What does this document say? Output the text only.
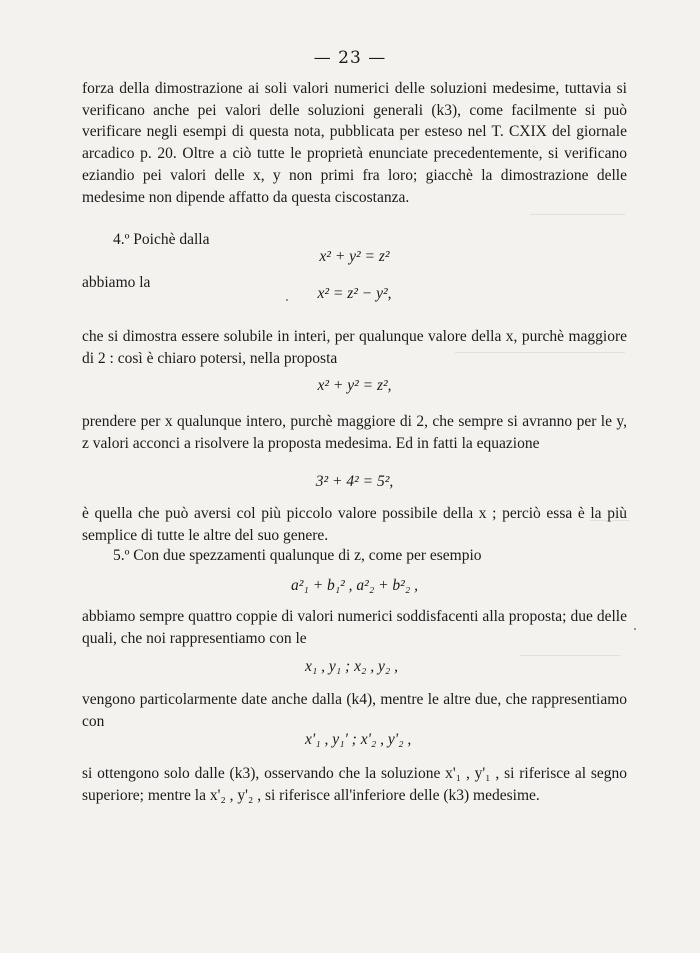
— 23 —
forza della dimostrazione ai soli valori numerici delle soluzioni medesime, tuttavia si verificano anche pei valori delle soluzioni generali (k3), come facilmente si può verificare negli esempi di questa nota, pubblicata per esteso nel T. CXIX del giornale arcadico p. 20. Oltre a ciò tutte le proprietà enunciate precedentemente, si verificano eziandio pei valori delle x, y non primi fra loro; giacchè la dimostrazione delle medesime non dipende affatto da questa ciscostanza.
4.º Poichè dalla
x² + y² = z²
abbiamo la
x² = z² − y²,
che si dimostra essere solubile in interi, per qualunque valore della x, purchè maggiore di 2 : così è chiaro potersi, nella proposta
x² + y² = z²,
prendere per x qualunque intero, purchè maggiore di 2, che sempre si avranno per le y, z valori acconci a risolvere la proposta medesima. Ed in fatti la equazione
3² + 4² = 5²,
è quella che può aversi col più piccolo valore possibile della x ; perciò essa è la più semplice di tutte le altre del suo genere.
5.º Con due spezzamenti qualunque di z, come per esempio
a²₁ + b₁² , a²₂ + b²₂ ,
abbiamo sempre quattro coppie di valori numerici soddisfacenti alla proposta; due delle quali, che noi rappresentiamo con le
x₁ , y₁ ; x₂ , y₂ ,
vengono particolarmente date anche dalla (k4), mentre le altre due, che rappresentiamo con
x'₁ , y₁' ; x'₂ , y'₂ ,
si ottengono solo dalle (k3), osservando che la soluzione x'₁ , y'₁ , si riferisce al segno superiore; mentre la x'₂ , y'₂ , si riferisce all'inferiore delle (k3) medesime.
